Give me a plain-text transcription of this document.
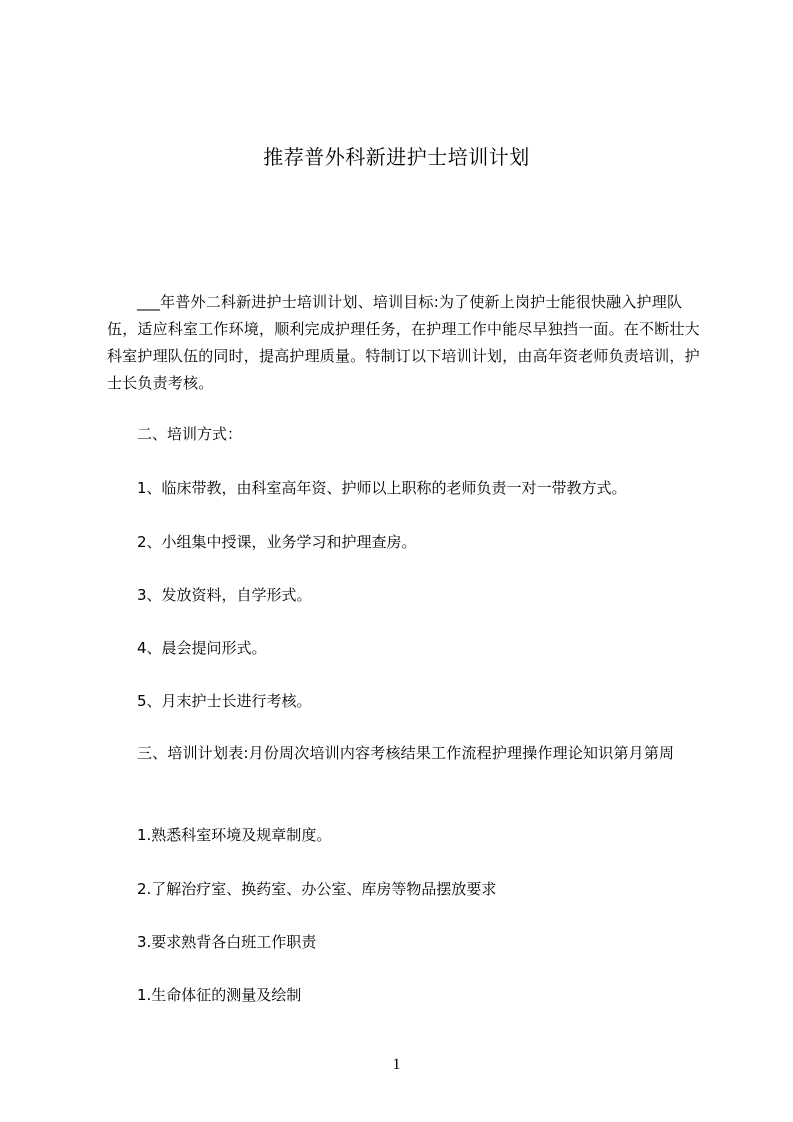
推荐普外科新进护士培训计划
___年普外二科新进护士培训计划、培训目标:为了使新上岗护士能很快融入护理队伍，适应科室工作环境，顺利完成护理任务，在护理工作中能尽早独挡一面。在不断壮大科室护理队伍的同时，提高护理质量。特制订以下培训计划，由高年资老师负责培训，护士长负责考核。
二、培训方式：
1、临床带教，由科室高年资、护师以上职称的老师负责一对一带教方式。
2、小组集中授课，业务学习和护理查房。
3、发放资料，自学形式。
4、晨会提问形式。
5、月末护士长进行考核。
三、培训计划表:月份周次培训内容考核结果工作流程护理操作理论知识第月第周
1.熟悉科室环境及规章制度。
2.了解治疗室、换药室、办公室、库房等物品摆放要求
3.要求熟背各白班工作职责
1.生命体征的测量及绘制
1
